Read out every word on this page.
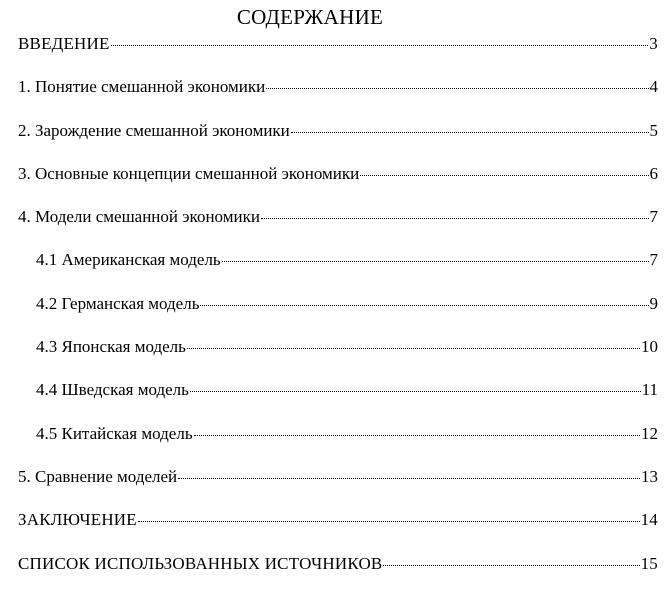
СОДЕРЖАНИЕ
ВВЕДЕНИЕ	3
1. Понятие смешанной экономики	4
2. Зарождение смешанной экономики	5
3. Основные концепции смешанной экономики	6
4. Модели смешанной экономики	7
4.1 Американская модель	7
4.2 Германская модель	9
4.3 Японская модель	10
4.4 Шведская модель	11
4.5 Китайская модель	12
5. Сравнение моделей	13
ЗАКЛЮЧЕНИЕ	14
СПИСОК ИСПОЛЬЗОВАННЫХ ИСТОЧНИКОВ	15
